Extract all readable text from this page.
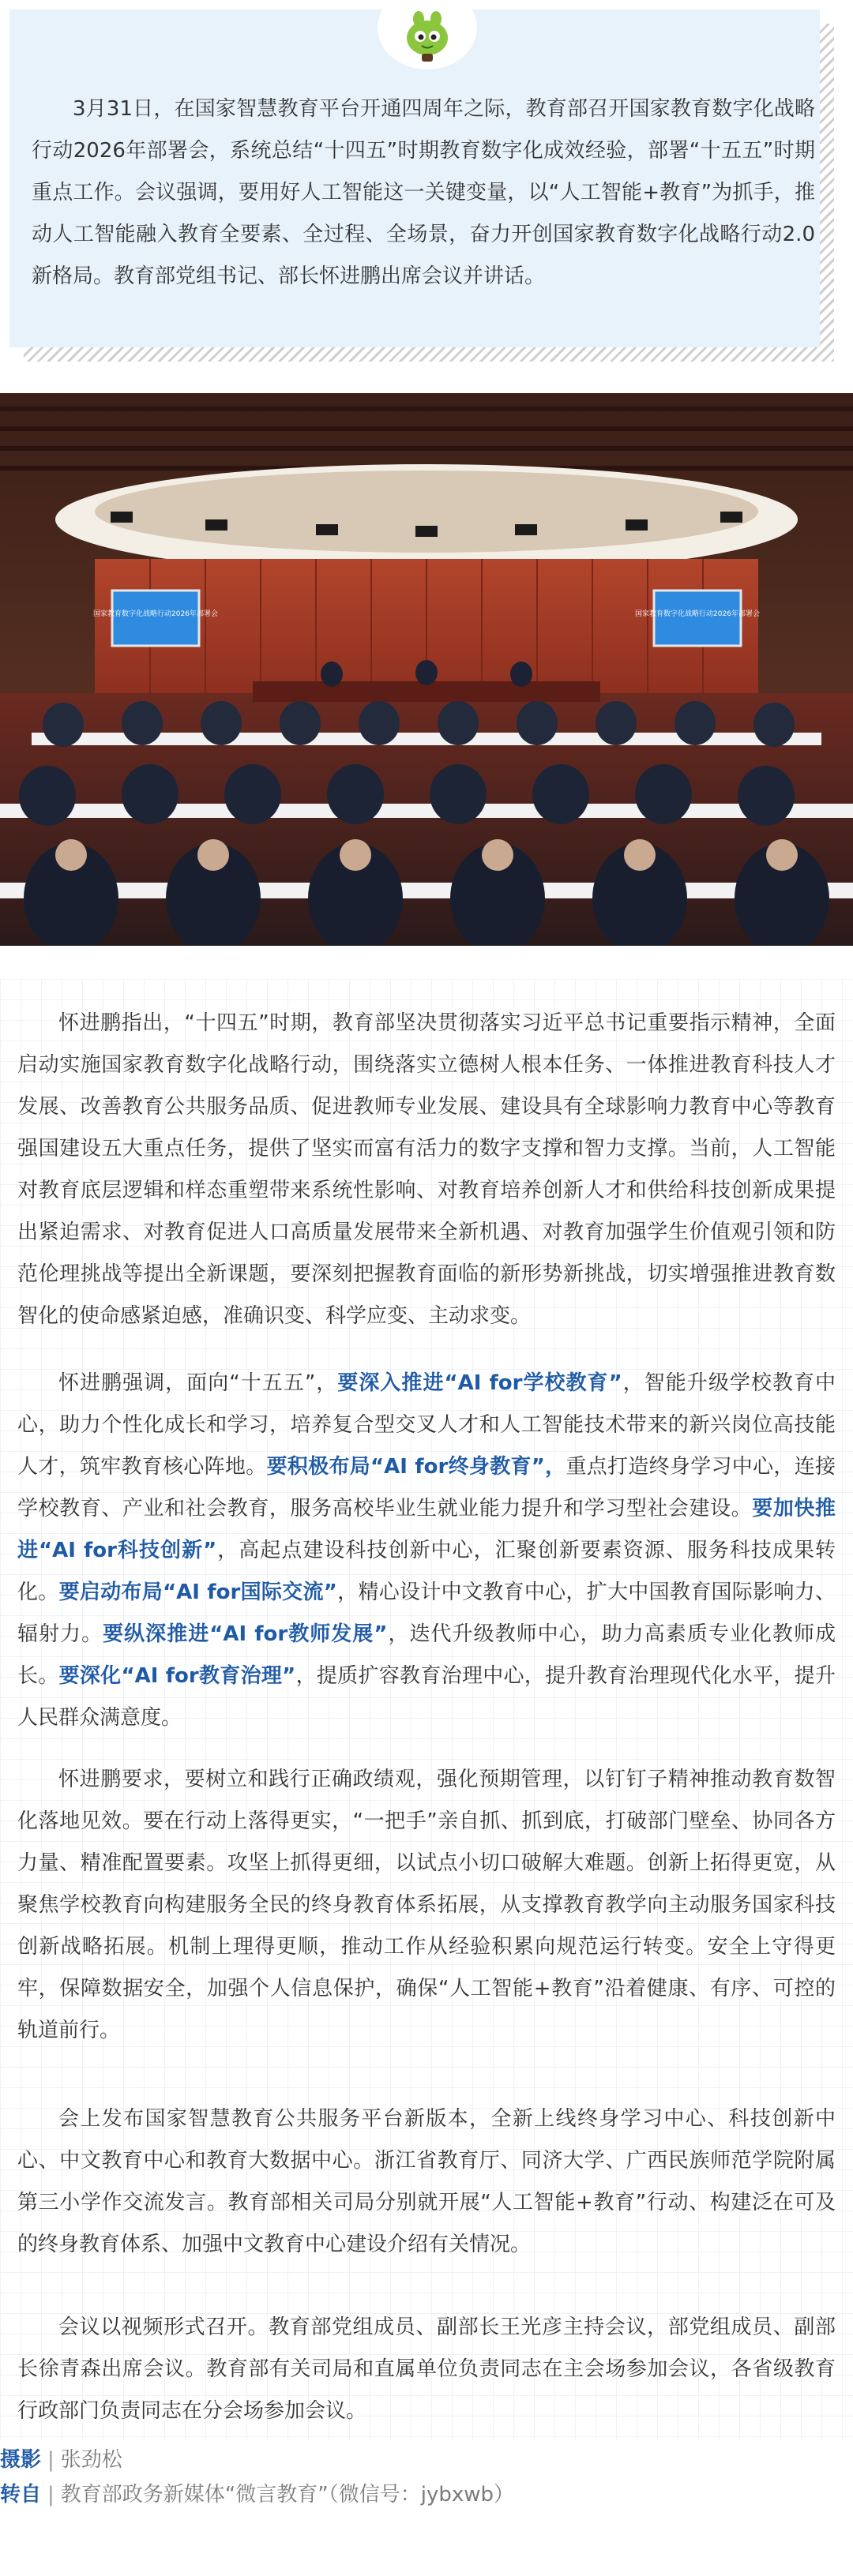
3月31日，在国家智慧教育平台开通四周年之际，教育部召开国家教育数字化战略行动2026年部署会，系统总结“十四五”时期教育数字化成效经验，部署“十五五”时期重点工作。会议强调，要用好人工智能这一关键变量，以“人工智能+教育”为抓手，推动人工智能融入教育全要素、全过程、全场景，奋力开创国家教育数字化战略行动2.0新格局。教育部党组书记、部长怀进鹏出席会议并讲话。

国家教育数字化战略行动2026年部署会	国家教育数字化战略行动2026年部署会

怀进鹏指出，“十四五”时期，教育部坚决贯彻落实习近平总书记重要指示精神，全面启动实施国家教育数字化战略行动，围绕落实立德树人根本任务、一体推进教育科技人才发展、改善教育公共服务品质、促进教师专业发展、建设具有全球影响力教育中心等教育强国建设五大重点任务，提供了坚实而富有活力的数字支撑和智力支撑。当前，人工智能对教育底层逻辑和样态重塑带来系统性影响、对教育培养创新人才和供给科技创新成果提出紧迫需求、对教育促进人口高质量发展带来全新机遇、对教育加强学生价值观引领和防范伦理挑战等提出全新课题，要深刻把握教育面临的新形势新挑战，切实增强推进教育数智化的使命感紧迫感，准确识变、科学应变、主动求变。

怀进鹏强调，面向“十五五”，要深入推进“AI for学校教育”，智能升级学校教育中心，助力个性化成长和学习，培养复合型交叉人才和人工智能技术带来的新兴岗位高技能人才，筑牢教育核心阵地。要积极布局“AI for终身教育”，重点打造终身学习中心，连接学校教育、产业和社会教育，服务高校毕业生就业能力提升和学习型社会建设。要加快推进“AI for科技创新”，高起点建设科技创新中心，汇聚创新要素资源、服务科技成果转化。要启动布局“AI for国际交流”，精心设计中文教育中心，扩大中国教育国际影响力、辐射力。要纵深推进“AI for教师发展”，迭代升级教师中心，助力高素质专业化教师成长。要深化“AI for教育治理”，提质扩容教育治理中心，提升教育治理现代化水平，提升人民群众满意度。

怀进鹏要求，要树立和践行正确政绩观，强化预期管理，以钉钉子精神推动教育数智化落地见效。要在行动上落得更实，“一把手”亲自抓、抓到底，打破部门壁垒、协同各方力量、精准配置要素。攻坚上抓得更细，以试点小切口破解大难题。创新上拓得更宽，从聚焦学校教育向构建服务全民的终身教育体系拓展，从支撑教育教学向主动服务国家科技创新战略拓展。机制上理得更顺，推动工作从经验积累向规范运行转变。安全上守得更牢，保障数据安全，加强个人信息保护，确保“人工智能+教育”沿着健康、有序、可控的轨道前行。

会上发布国家智慧教育公共服务平台新版本，全新上线终身学习中心、科技创新中心、中文教育中心和教育大数据中心。浙江省教育厅、同济大学、广西民族师范学院附属第三小学作交流发言。教育部相关司局分别就开展“人工智能+教育”行动、构建泛在可及的终身教育体系、加强中文教育中心建设介绍有关情况。

会议以视频形式召开。教育部党组成员、副部长王光彦主持会议，部党组成员、副部长徐青森出席会议。教育部有关司局和直属单位负责同志在主会场参加会议，各省级教育行政部门负责同志在分会场参加会议。

摄影 | 张劲松
转自 | 教育部政务新媒体“微言教育”（微信号：jybxwb）
